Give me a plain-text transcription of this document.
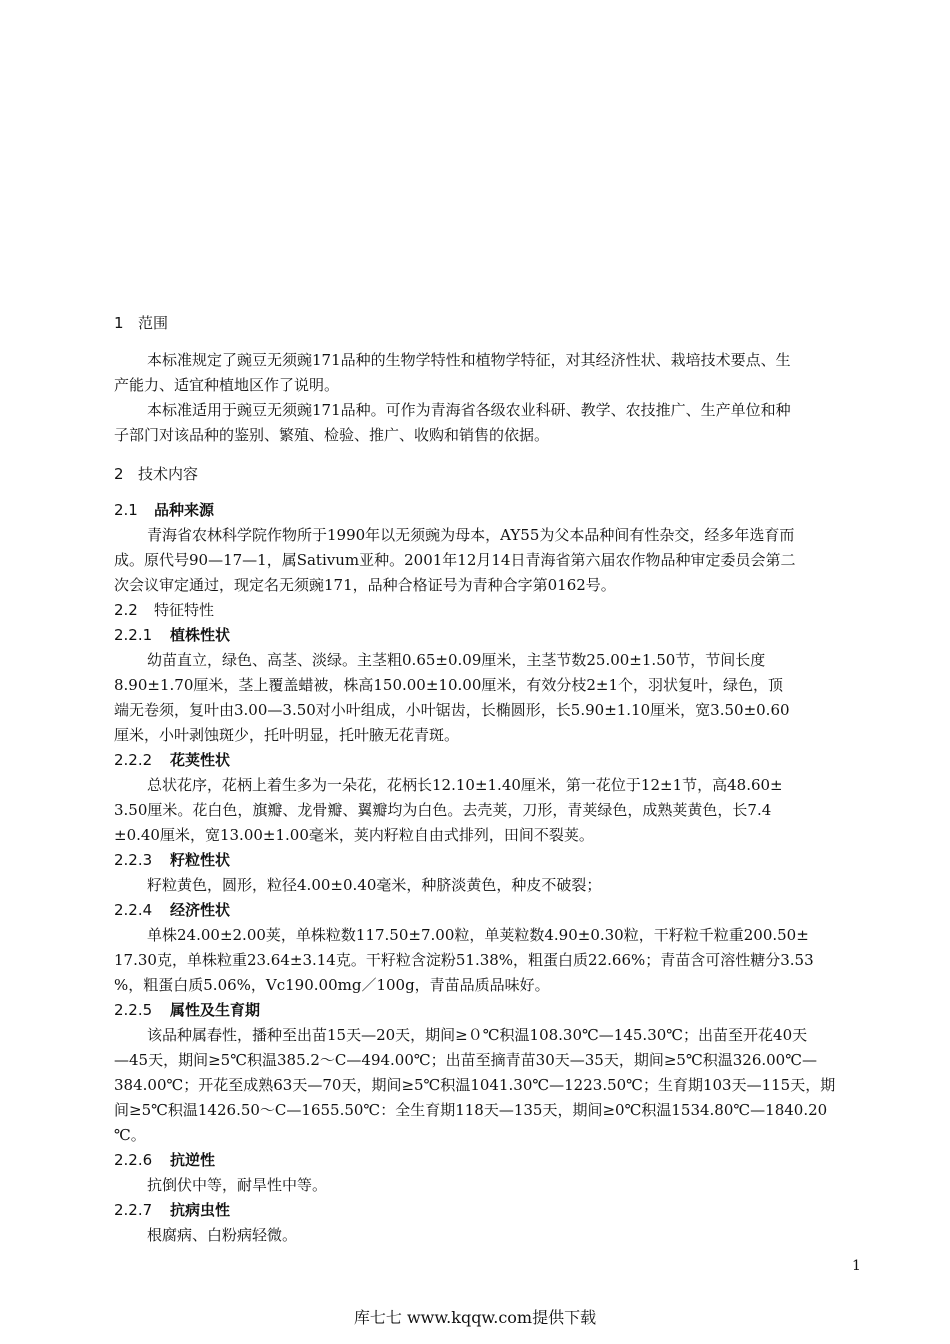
1 范围
本标准规定了豌豆无须豌171品种的生物学特性和植物学特征，对其经济性状、栽培技术要点、生
产能力、适宜种植地区作了说明。
本标准适用于豌豆无须豌171品种。可作为青海省各级农业科研、教学、农技推广、生产单位和种
子部门对该品种的鉴别、繁殖、检验、推广、收购和销售的依据。
2 技术内容
2.1 品种来源
青海省农林科学院作物所于1990年以无须豌为母本，AY55为父本品种间有性杂交，经多年选育而
成。原代号90—17—1，属Sativum亚种。2001年12月14日青海省第六届农作物品种审定委员会第二
次会议审定通过，现定名无须豌171，品种合格证号为青种合字第0162号。
2.2 特征特性
2.2.1 植株性状
幼苗直立，绿色、高茎、淡绿。主茎粗0.65±0.09厘米，主茎节数25.00±1.50节，节间长度
8.90±1.70厘米，茎上覆盖蜡被，株高150.00±10.00厘米，有效分枝2±1个，羽状复叶，绿色，顶
端无卷须，复叶由3.00—3.50对小叶组成，小叶锯齿，长椭圆形，长5.90±1.10厘米，宽3.50±0.60
厘米，小叶剥蚀斑少，托叶明显，托叶腋无花青斑。
2.2.2 花荚性状
总状花序，花柄上着生多为一朵花，花柄长12.10±1.40厘米，第一花位于12±1节，高48.60±
3.50厘米。花白色，旗瓣、龙骨瓣、翼瓣均为白色。去壳荚，刀形，青荚绿色，成熟荚黄色，长7.4
±0.40厘米，宽13.00±1.00毫米，荚内籽粒自由式排列，田间不裂荚。
2.2.3 籽粒性状
籽粒黄色，圆形，粒径4.00±0.40毫米，种脐淡黄色，种皮不破裂；
2.2.4 经济性状
单株24.00±2.00荚，单株粒数117.50±7.00粒，单荚粒数4.90±0.30粒，干籽粒千粒重200.50±
17.30克，单株粒重23.64±3.14克。干籽粒含淀粉51.38%，粗蛋白质22.66%；青苗含可溶性糖分3.53
%，粗蛋白质5.06%，Vc190.00mg／100g，青苗品质品味好。
2.2.5 属性及生育期
该品种属春性，播种至出苗15天—20天，期间≥０℃积温108.30℃—145.30℃；出苗至开花40天
—45天，期间≥5℃积温385.2～C—494.00℃；出苗至摘青苗30天—35天，期间≥5℃积温326.00℃—
384.00℃；开花至成熟63天—70天，期间≥5℃积温1041.30℃—1223.50℃；生育期103天—115天，期
间≥5℃积温1426.50～C—1655.50℃：全生育期118天—135天，期间≥0℃积温1534.80℃—1840.20
℃。
2.2.6 抗逆性
抗倒伏中等，耐旱性中等。
2.2.7 抗病虫性
根腐病、白粉病轻微。
1
库七七 www.kqqw.com提供下载
